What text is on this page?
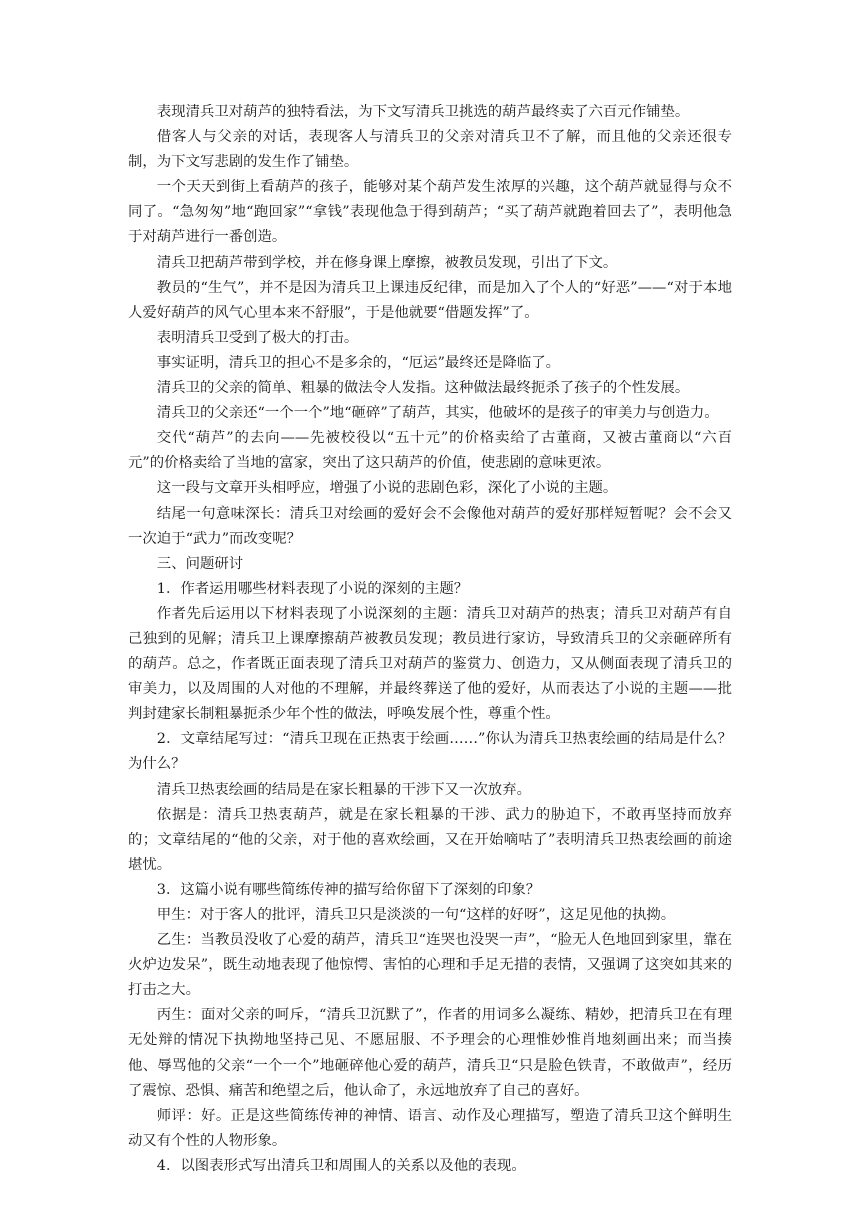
表现清兵卫对葫芦的独特看法，为下文写清兵卫挑选的葫芦最终卖了六百元作铺垫。

借客人与父亲的对话，表现客人与清兵卫的父亲对清兵卫不了解，而且他的父亲还很专制，为下文写悲剧的发生作了铺垫。

一个天天到街上看葫芦的孩子，能够对某个葫芦发生浓厚的兴趣，这个葫芦就显得与众不同了。“急匆匆”地“跑回家”“拿钱”表现他急于得到葫芦；“买了葫芦就跑着回去了”，表明他急于对葫芦进行一番创造。

清兵卫把葫芦带到学校，并在修身课上摩擦，被教员发现，引出了下文。

教员的“生气”，并不是因为清兵卫上课违反纪律，而是加入了个人的“好恶”——“对于本地人爱好葫芦的风气心里本来不舒服”，于是他就要“借题发挥”了。

表明清兵卫受到了极大的打击。

事实证明，清兵卫的担心不是多余的，“厄运”最终还是降临了。

清兵卫的父亲的简单、粗暴的做法令人发指。这种做法最终扼杀了孩子的个性发展。

清兵卫的父亲还“一个一个”地“砸碎”了葫芦，其实，他破坏的是孩子的审美力与创造力。

交代“葫芦”的去向——先被校役以“五十元”的价格卖给了古董商，又被古董商以“六百元”的价格卖给了当地的富家，突出了这只葫芦的价值，使悲剧的意味更浓。

这一段与文章开头相呼应，增强了小说的悲剧色彩，深化了小说的主题。

结尾一句意味深长：清兵卫对绘画的爱好会不会像他对葫芦的爱好那样短暂呢？会不会又一次迫于“武力”而改变呢？

三、问题研讨

1．作者运用哪些材料表现了小说的深刻的主题？

作者先后运用以下材料表现了小说深刻的主题：清兵卫对葫芦的热衷；清兵卫对葫芦有自己独到的见解；清兵卫上课摩擦葫芦被教员发现；教员进行家访，导致清兵卫的父亲砸碎所有的葫芦。总之，作者既正面表现了清兵卫对葫芦的鉴赏力、创造力，又从侧面表现了清兵卫的审美力，以及周围的人对他的不理解，并最终葬送了他的爱好，从而表达了小说的主题——批判封建家长制粗暴扼杀少年个性的做法，呼唤发展个性，尊重个性。

2．文章结尾写过：“清兵卫现在正热衷于绘画……”你认为清兵卫热衷绘画的结局是什么？为什么？

清兵卫热衷绘画的结局是在家长粗暴的干涉下又一次放弃。

依据是：清兵卫热衷葫芦，就是在家长粗暴的干涉、武力的胁迫下，不敢再坚持而放弃的；文章结尾的“他的父亲，对于他的喜欢绘画，又在开始嘀咕了”表明清兵卫热衷绘画的前途堪忧。

3．这篇小说有哪些简练传神的描写给你留下了深刻的印象？

甲生：对于客人的批评，清兵卫只是淡淡的一句“这样的好呀”，这足见他的执拗。

乙生：当教员没收了心爱的葫芦，清兵卫“连哭也没哭一声”，“脸无人色地回到家里，靠在火炉边发呆”，既生动地表现了他惊愕、害怕的心理和手足无措的表情，又强调了这突如其来的打击之大。

丙生：面对父亲的呵斥，“清兵卫沉默了”，作者的用词多么凝练、精妙，把清兵卫在有理无处辩的情况下执拗地坚持己见、不愿屈服、不予理会的心理惟妙惟肖地刻画出来；而当揍他、辱骂他的父亲“一个一个”地砸碎他心爱的葫芦，清兵卫“只是脸色铁青，不敢做声”，经历了震惊、恐惧、痛苦和绝望之后，他认命了，永远地放弃了自己的喜好。

师评：好。正是这些简练传神的神情、语言、动作及心理描写，塑造了清兵卫这个鲜明生动又有个性的人物形象。

4．以图表形式写出清兵卫和周围人的关系以及他的表现。
